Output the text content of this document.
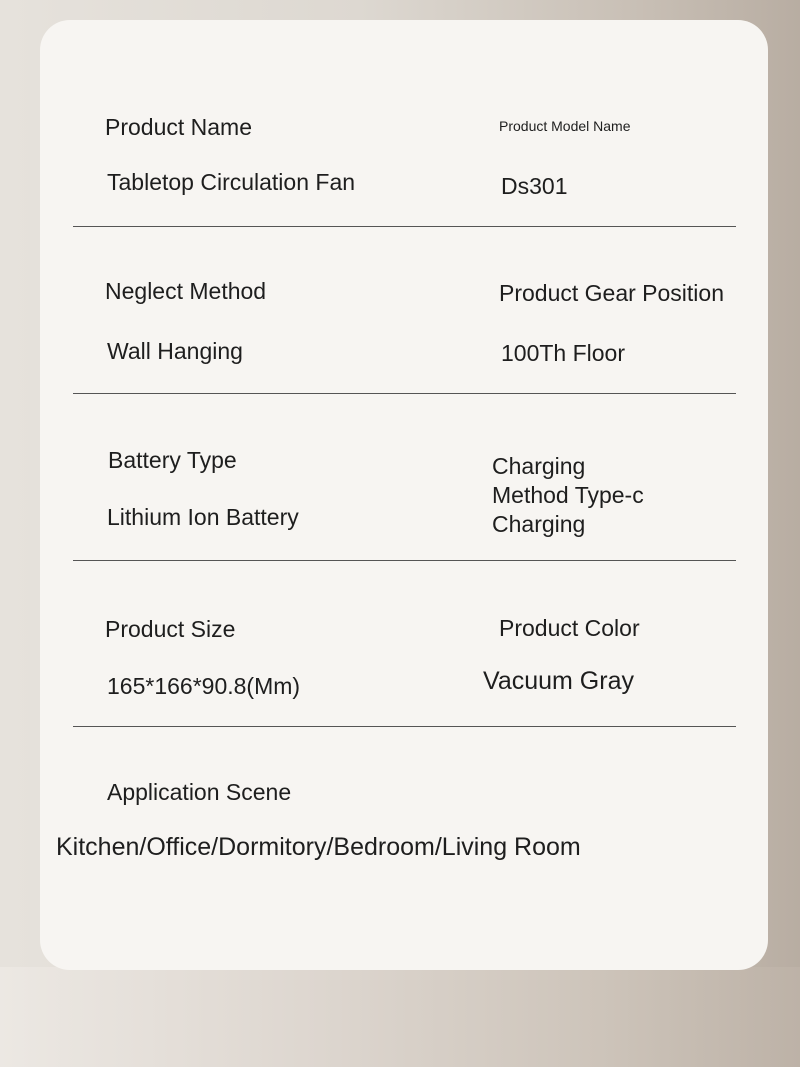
Product Name
Tabletop Circulation Fan
Product Model Name
Ds301
Neglect Method
Wall Hanging
Product Gear Position
100Th Floor
Battery Type
Lithium Ion Battery
Charging
Method Type-c
Charging
Product Size
165*166*90.8(Mm)
Product Color
Vacuum Gray
Application Scene
Kitchen/Office/Dormitory/Bedroom/Living Room
